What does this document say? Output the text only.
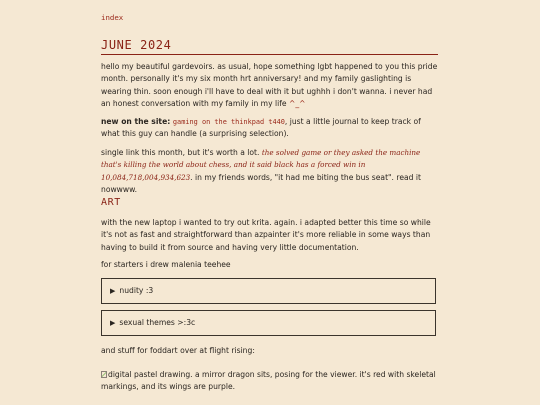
index
JUNE 2024

hello my beautiful gardevoirs. as usual, hope something lgbt happened to you this pride month. personally it's my six month hrt anniversary! and my family gaslighting is wearing thin. soon enough i'll have to deal with it but ughhh i don't wanna. i never had an honest conversation with my family in my life ^_^

new on the site: gaming on the thinkpad t440, just a little journal to keep track of what this guy can handle (a surprising selection).

single link this month, but it's worth a lot. the solved game or they asked the machine that's killing the world about chess, and it said black has a forced win in 10,084,718,004,934,623. in my friends words, "it had me biting the bus seat". read it nowwww.

ART

with the new laptop i wanted to try out krita. again. i adapted better this time so while it's not as fast and straightforward than azpainter it's more reliable in some ways than having to build it from source and having very little documentation.

for starters i drew malenia teehee

▶ nudity :3
▶ sexual themes >:3c

and stuff for foddart over at flight rising:

digital pastel drawing. a mirror dragon sits, posing for the viewer. it's red with skeletal markings, and its wings are purple.
